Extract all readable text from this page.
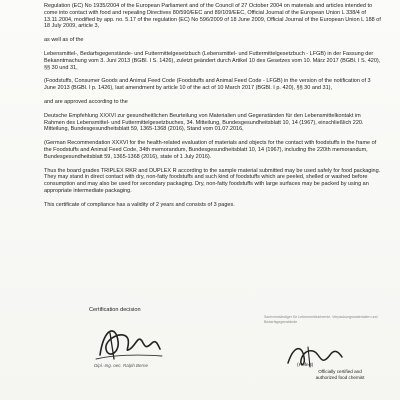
Regulation (EC) No 1935/2004 of the European Parliament and of the Council of 27 October 2004 on materials and articles intended to come into contact with food and repealing Directives 80/590/EEC and 89/109/EEC, Official Journal of the European Union L 338/4 of 13.11.2004, modified by app. no. 5.17 of the regulation (EC) No 596/2009 of 18 June 2009, Official Journal of the European Union L 188 of 18 July 2009, article 3,

as well as of the

Lebensmittel-, Bedarfsgegenstände- und Futtermittelgesetzbuch (Lebensmittel- und Futtermittelgesetzbuch - LFGB) in der Fassung der Bekanntmachung vom 3. Juni 2013 (BGBl. I S. 1426), zuletzt geändert durch Artikel 10 des Gesetzes vom 10. März 2017 (BGBl. I S. 420), §§ 30 und 31,

(Foodstuffs, Consumer Goods and Animal Feed Code (Foodstuffs and Animal Feed Code - LFGB) in the version of the notification of 3 June 2013 (BGBl. I p. 1426), last amendment by article 10 of the act of 10 March 2017 (BGBl. I p. 420), §§ 30 and 31),

and are approved according to the

Deutsche Empfehlung XXXVI zur gesundheitlichen Beurteilung von Materialien und Gegenständen für den Lebensmittelkontakt im Rahmen des Lebensmittel- und Futtermittelgesetzbuches, 34. Mitteilung, Bundesgesundheitsblatt 10, 14 (1967), einschließlich 220. Mitteilung, Bundesgesundheitsblatt 59, 1365-1368 (2016), Stand vom 01.07.2016,

(German Recommendation XXXVI for the health-related evaluation of materials and objects for the contact with foodstuffs in the frame of the Foodstuffs and Animal Feed Code, 34th memorandum, Bundesgesundheitsblatt 10, 14 (1967), including the 220th memorandum, Bundesgesundheitsblatt 59, 1365-1368 (2016), state of 1 July 2016).

Thus the board grades TRIPLEX RKR and DUPLEX R according to the sample material submitted may be used safely for food packaging. They may stand in direct contact with dry, non-fatty foodstuffs and such kind of foodstuffs which are peeled, shelled or washed before consumption and may also be used for secondary packaging. Dry, non-fatty foodstuffs with large surfaces may be packed by using an appropriate intermediate packaging.

This certificate of compliance has a validity of 2 years and consists of 3 pages.

Certification decision
Dipl.-Ing. oec. Ralph Berne
Sachverständiger für Lebensmittelchemie, Verpackungsmaterialien und Bedarfsgegenstände
(Hofert)
Officially certified and authorized food chemist
